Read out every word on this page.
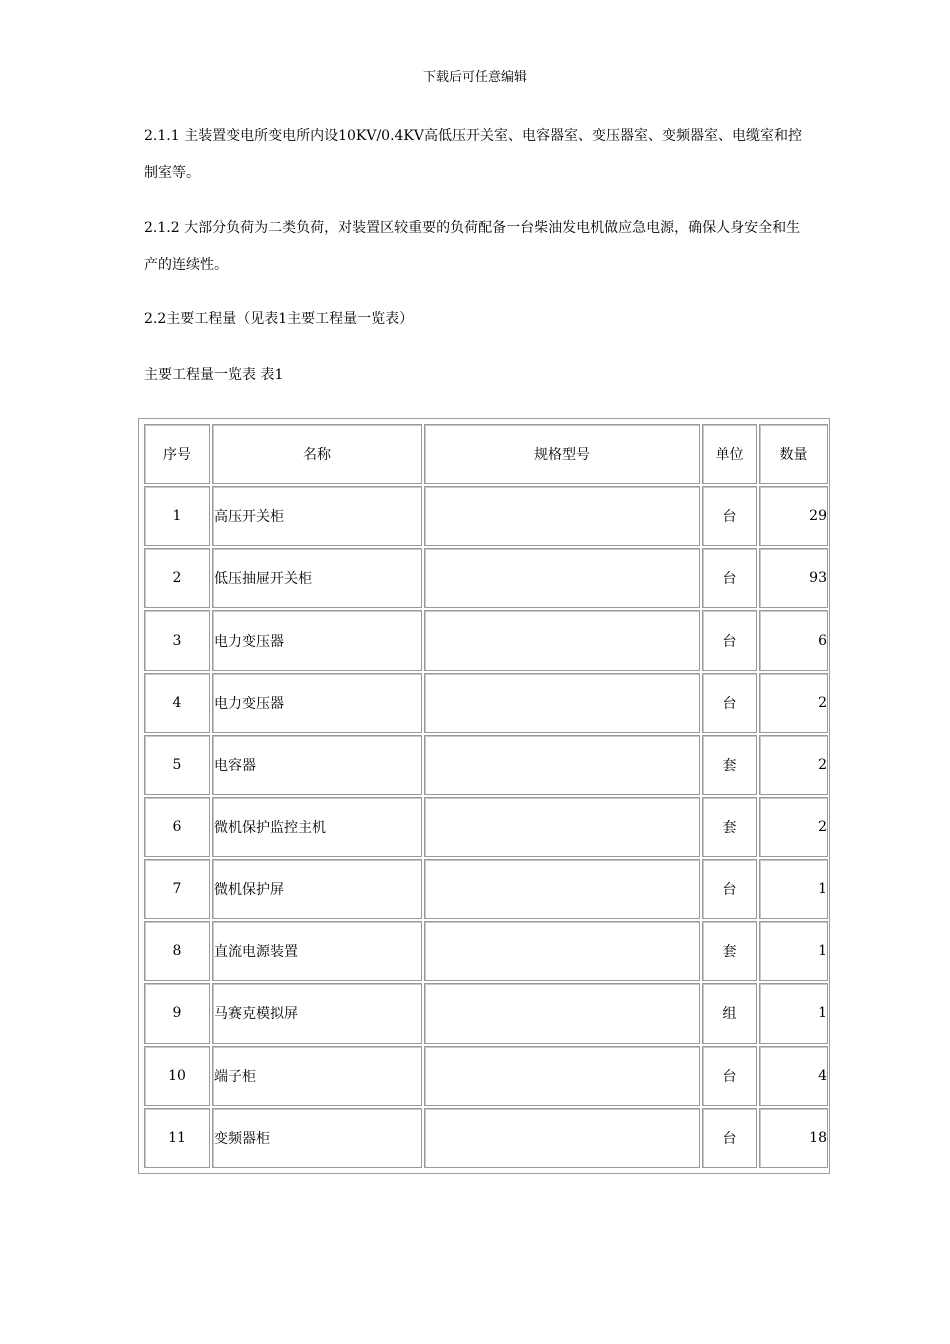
下载后可任意编辑

2.1.1 主装置变电所变电所内设10KV/0.4KV高低压开关室、电容器室、变压器室、变频器室、电缆室和控制室等。

2.1.2 大部分负荷为二类负荷，对装置区较重要的负荷配备一台柴油发电机做应急电源，确保人身安全和生产的连续性。

2.2主要工程量（见表1主要工程量一览表）

主要工程量一览表 表1

序号	名称	规格型号	单位	数量
1	高压开关柜		台	29
2	低压抽屉开关柜		台	93
3	电力变压器		台	6
4	电力变压器		台	2
5	电容器		套	2
6	微机保护监控主机		套	2
7	微机保护屏		台	1
8	直流电源装置		套	1
9	马赛克模拟屏		组	1
10	端子柜		台	4
11	变频器柜		台	18
